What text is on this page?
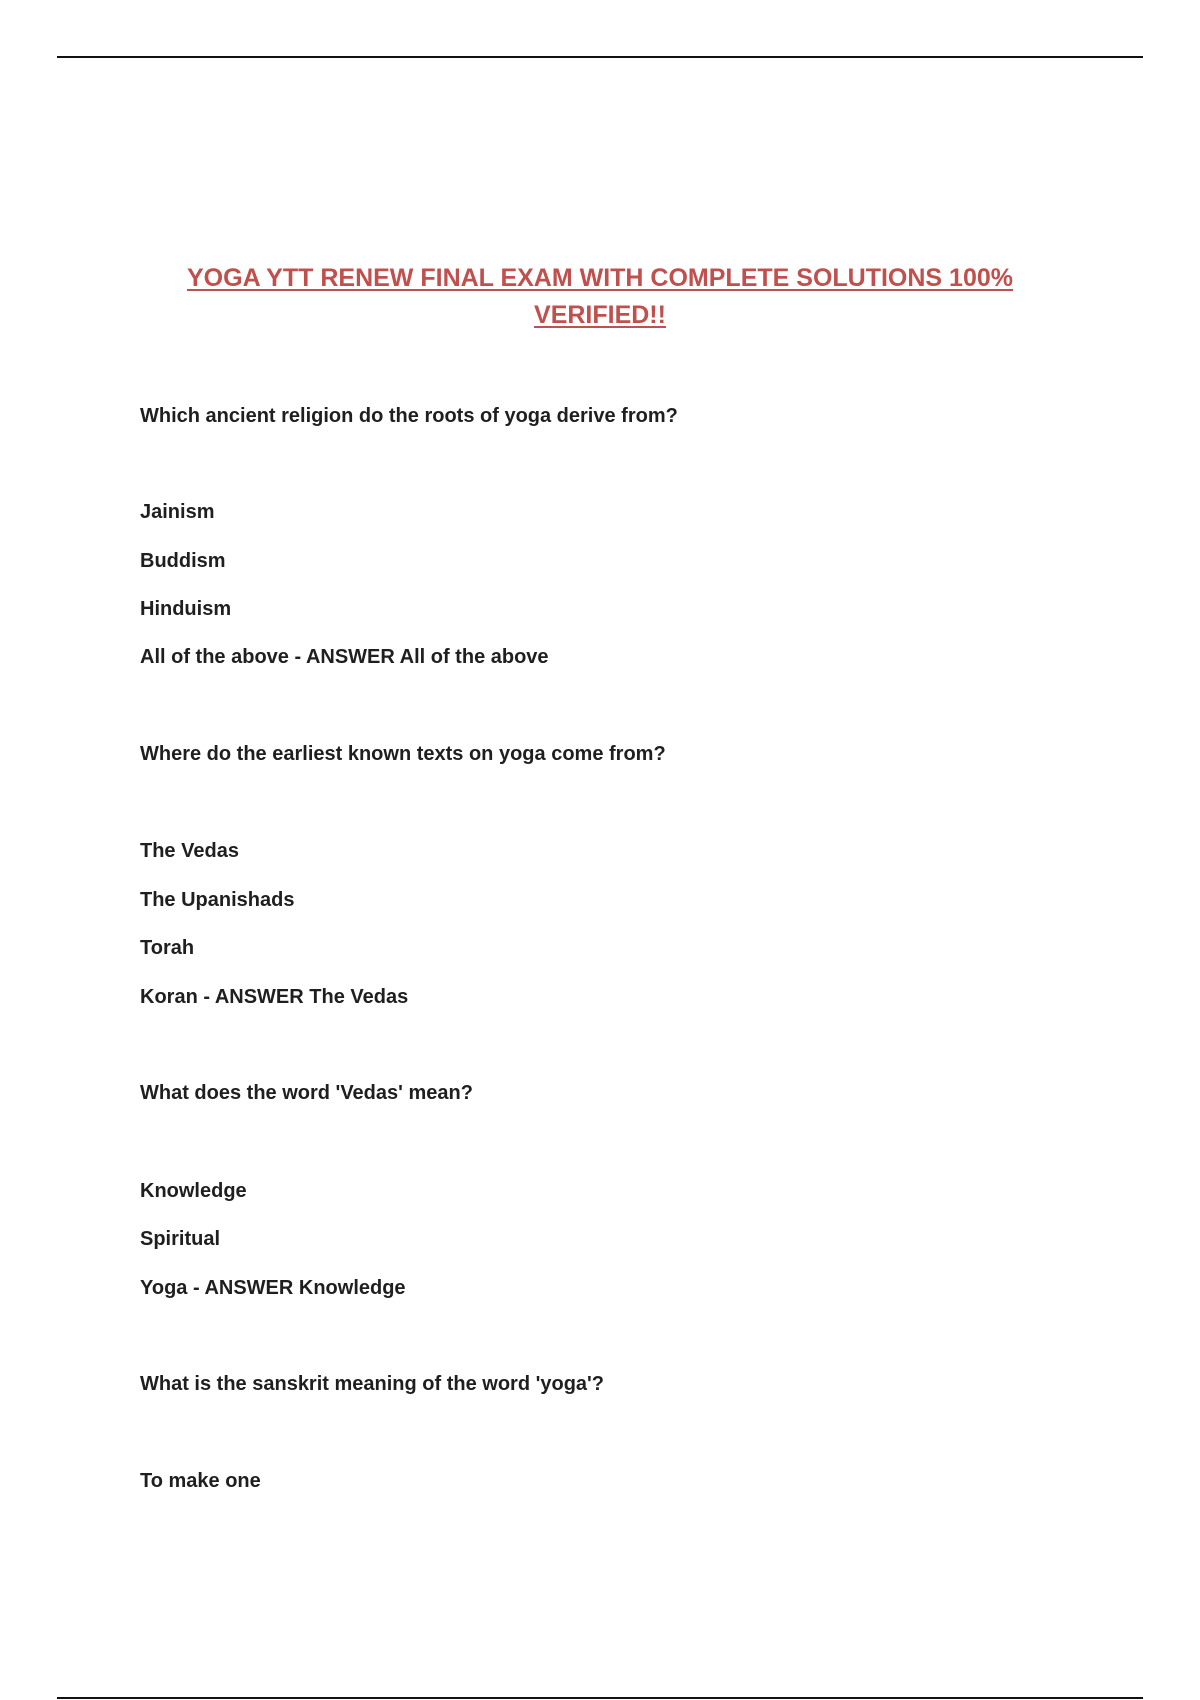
YOGA YTT RENEW FINAL EXAM WITH COMPLETE SOLUTIONS 100% VERIFIED!!
Which ancient religion do the roots of yoga derive from?
Jainism
Buddism
Hinduism
All of the above - ANSWER All of the above
Where do the earliest known texts on yoga come from?
The Vedas
The Upanishads
Torah
Koran - ANSWER The Vedas
What does the word 'Vedas' mean?
Knowledge
Spiritual
Yoga - ANSWER Knowledge
What is the sanskrit meaning of the word 'yoga'?
To make one
